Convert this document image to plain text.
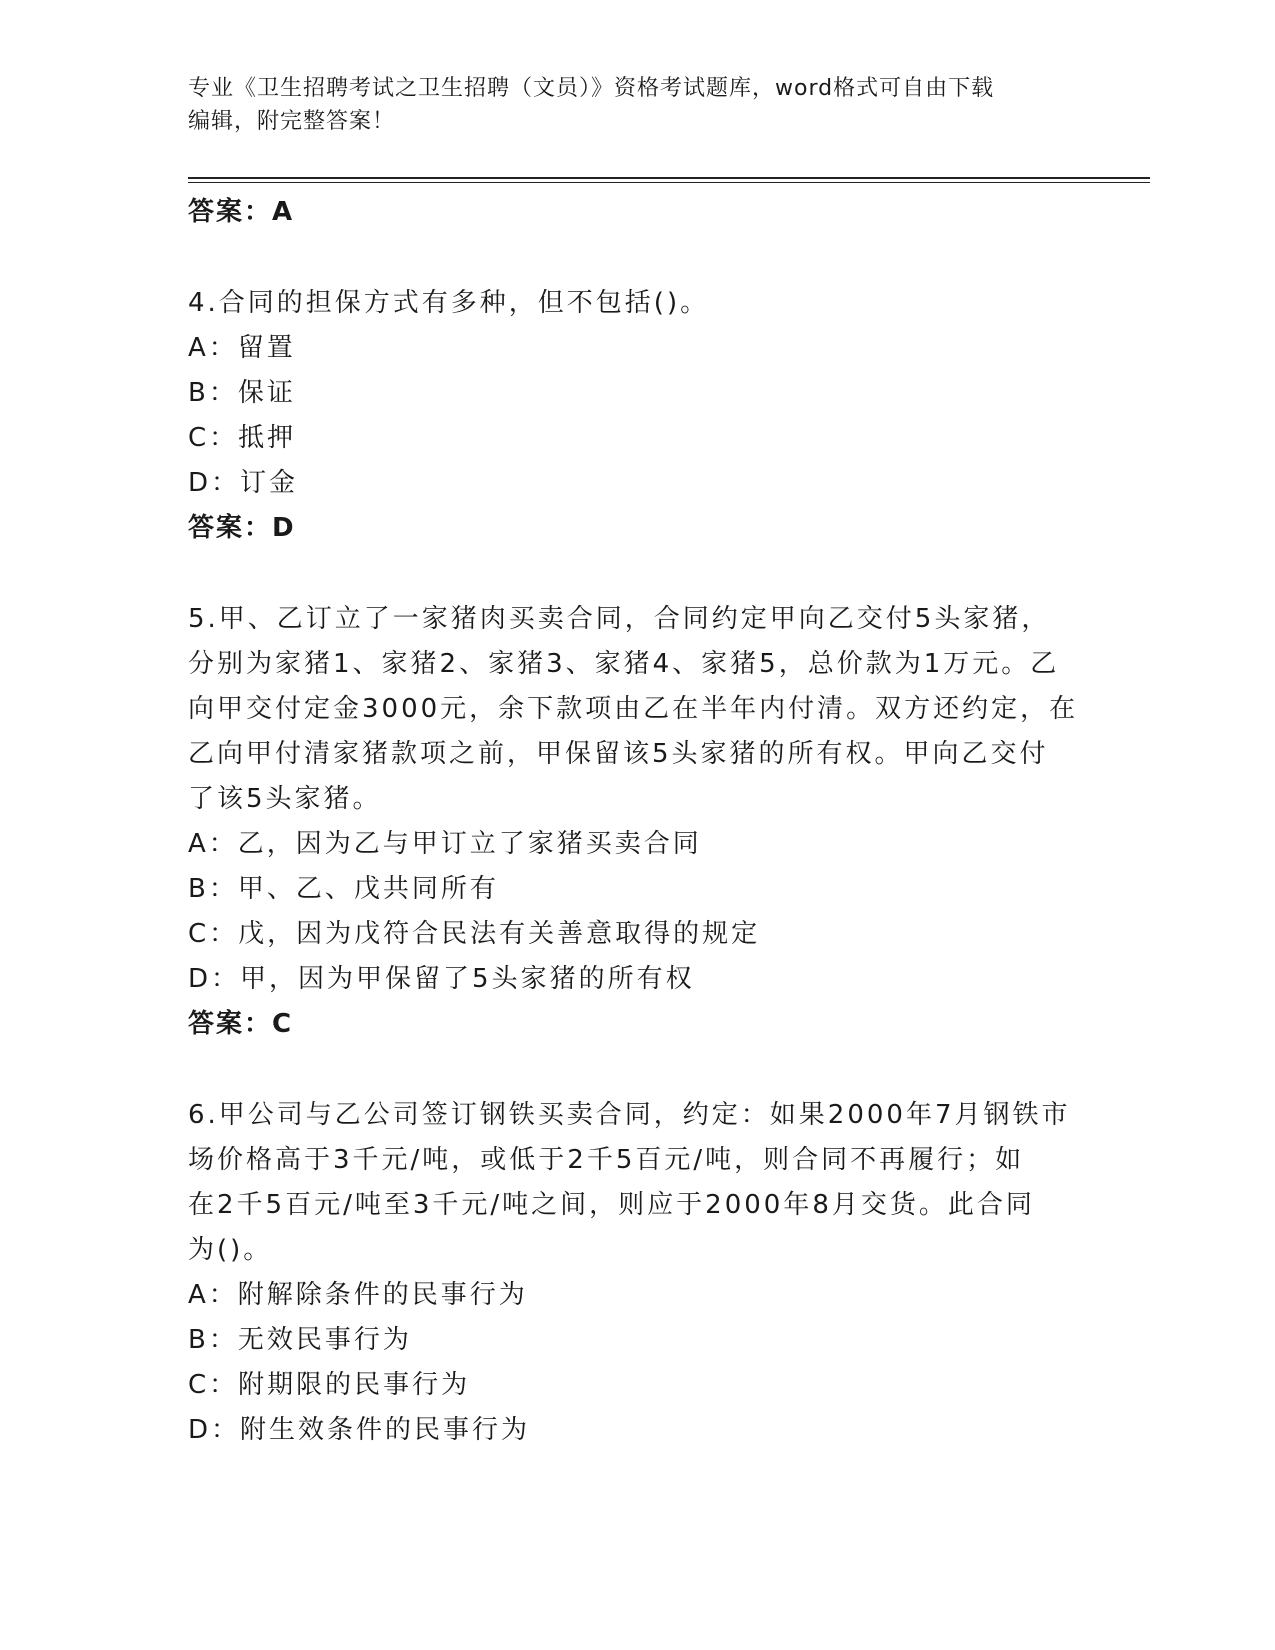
专业《卫生招聘考试之卫生招聘（文员）》资格考试题库，word格式可自由下载
编辑，附完整答案！
答案：A
4.合同的担保方式有多种，但不包括()。
A：留置
B：保证
C：抵押
D：订金
答案：D
5.甲、乙订立了一家猪肉买卖合同，合同约定甲向乙交付5头家猪，
分别为家猪1、家猪2、家猪3、家猪4、家猪5，总价款为1万元。乙
向甲交付定金3000元，余下款项由乙在半年内付清。双方还约定，在
乙向甲付清家猪款项之前，甲保留该5头家猪的所有权。甲向乙交付
了该5头家猪。
A：乙，因为乙与甲订立了家猪买卖合同
B：甲、乙、戊共同所有
C：戊，因为戊符合民法有关善意取得的规定
D：甲，因为甲保留了5头家猪的所有权
答案：C
6.甲公司与乙公司签订钢铁买卖合同，约定：如果2000年7月钢铁市
场价格高于3千元/吨，或低于2千5百元/吨，则合同不再履行；如
在2千5百元/吨至3千元/吨之间，则应于2000年8月交货。此合同
为()。
A：附解除条件的民事行为
B：无效民事行为
C：附期限的民事行为
D：附生效条件的民事行为
